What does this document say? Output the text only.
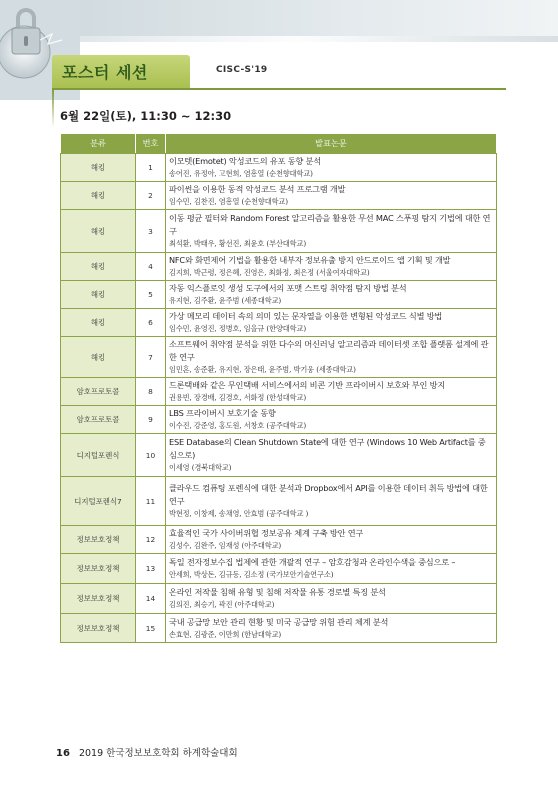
포스터 세션	CISC-S'19
6월 22일(토), 11:30 ~ 12:30
분류	번호	발표논문
해킹	1	이모텟(Emotet) 악성코드의 유포 동향 분석
송어진, 유정아, 고현희, 염흥열 (순천향대학교)

해킹	2	파이썬을 이용한 동적 악성코드 분석 프로그램 개발
임수민, 김찬진, 염흥열 (순천향대학교)

해킹	3	이동 평균 필터와 Random Forest 알고리즘을 활용한 무선 MAC 스푸핑 탐지 기법에 대한 연구
최석환, 박태우, 황선진, 최윤호 (부산대학교)

해킹	4	NFC와 화면제어 기법을 활용한 내부자 정보유출 방지 안드로이드 앱 기획 및 개발
김지희, 박근령, 정은혜, 진영은, 최화정, 최은정 (서울여자대학교)

해킹	5	자동 익스플로잇 생성 도구에서의 포맷 스트링 취약점 탐지 방법 분석
유지현, 김주환, 윤주범 (세종대학교)

해킹	6	가상 메모리 데이터 속의 의미 있는 문자열을 이용한 변형된 악성코드 식별 방법
임수민, 윤영진, 정병호, 임을규 (한양대학교)

해킹	7	소프트웨어 취약점 분석을 위한 다수의 머신러닝 알고리즘과 데이터셋 조합 플랫폼 설계에 관한 연구
임민혼, 송준환, 유지현, 장은태, 윤주범, 박기웅 (세종대학교)

암호프로토콜	8	드론택배와 같은 무인택배 서비스에서의 비콘 기반 프라이버시 보호와 부인 방지
권용빈, 장경배, 김경호, 서화정 (한성대학교)

암호프로토콜	9	LBS 프라이버시 보호기술 동향
이수진, 강준영, 홍도원, 서창호 (공주대학교)

디지털포렌식	10	ESE Database의 Clean Shutdown State에 대한 연구 (Windows 10 Web Artifact를 중심으로)
이세영 (경북대학교)

디지털포렌식7	11	클라우드 컴퓨팅 포렌식에 대한 분석과 Dropbox에서 API를 이용한 데이터 취득 방법에 대한 연구
박현정, 이창제, 송채영, 안효범 (공주대학교 )

정보보호정책	12	효율적인 국가 사이버위협 정보공유 체계 구축 방안 연구
김성수, 김완주, 임재성 (아주대학교)

정보보호정책	13	독일 전자정보수집 법제에 관한 개괄적 연구 – 암호감청과 온라인수색을 중심으로 –
안세희, 박상돈, 김규동, 김소정 (국가보안기술연구소)

정보보호정책	14	온라인 저작물 침해 유형 및 침해 저작물 유통 경로별 특징 분석
김의진, 최승기, 곽진 (아주대학교)

정보보호정책	15	국내 공급망 보안 관리 현황 및 미국 공급망 위험 관리 체계 분석
손효현, 김광준, 이만희 (한남대학교)
16 2019 한국정보보호학회 하계학술대회
